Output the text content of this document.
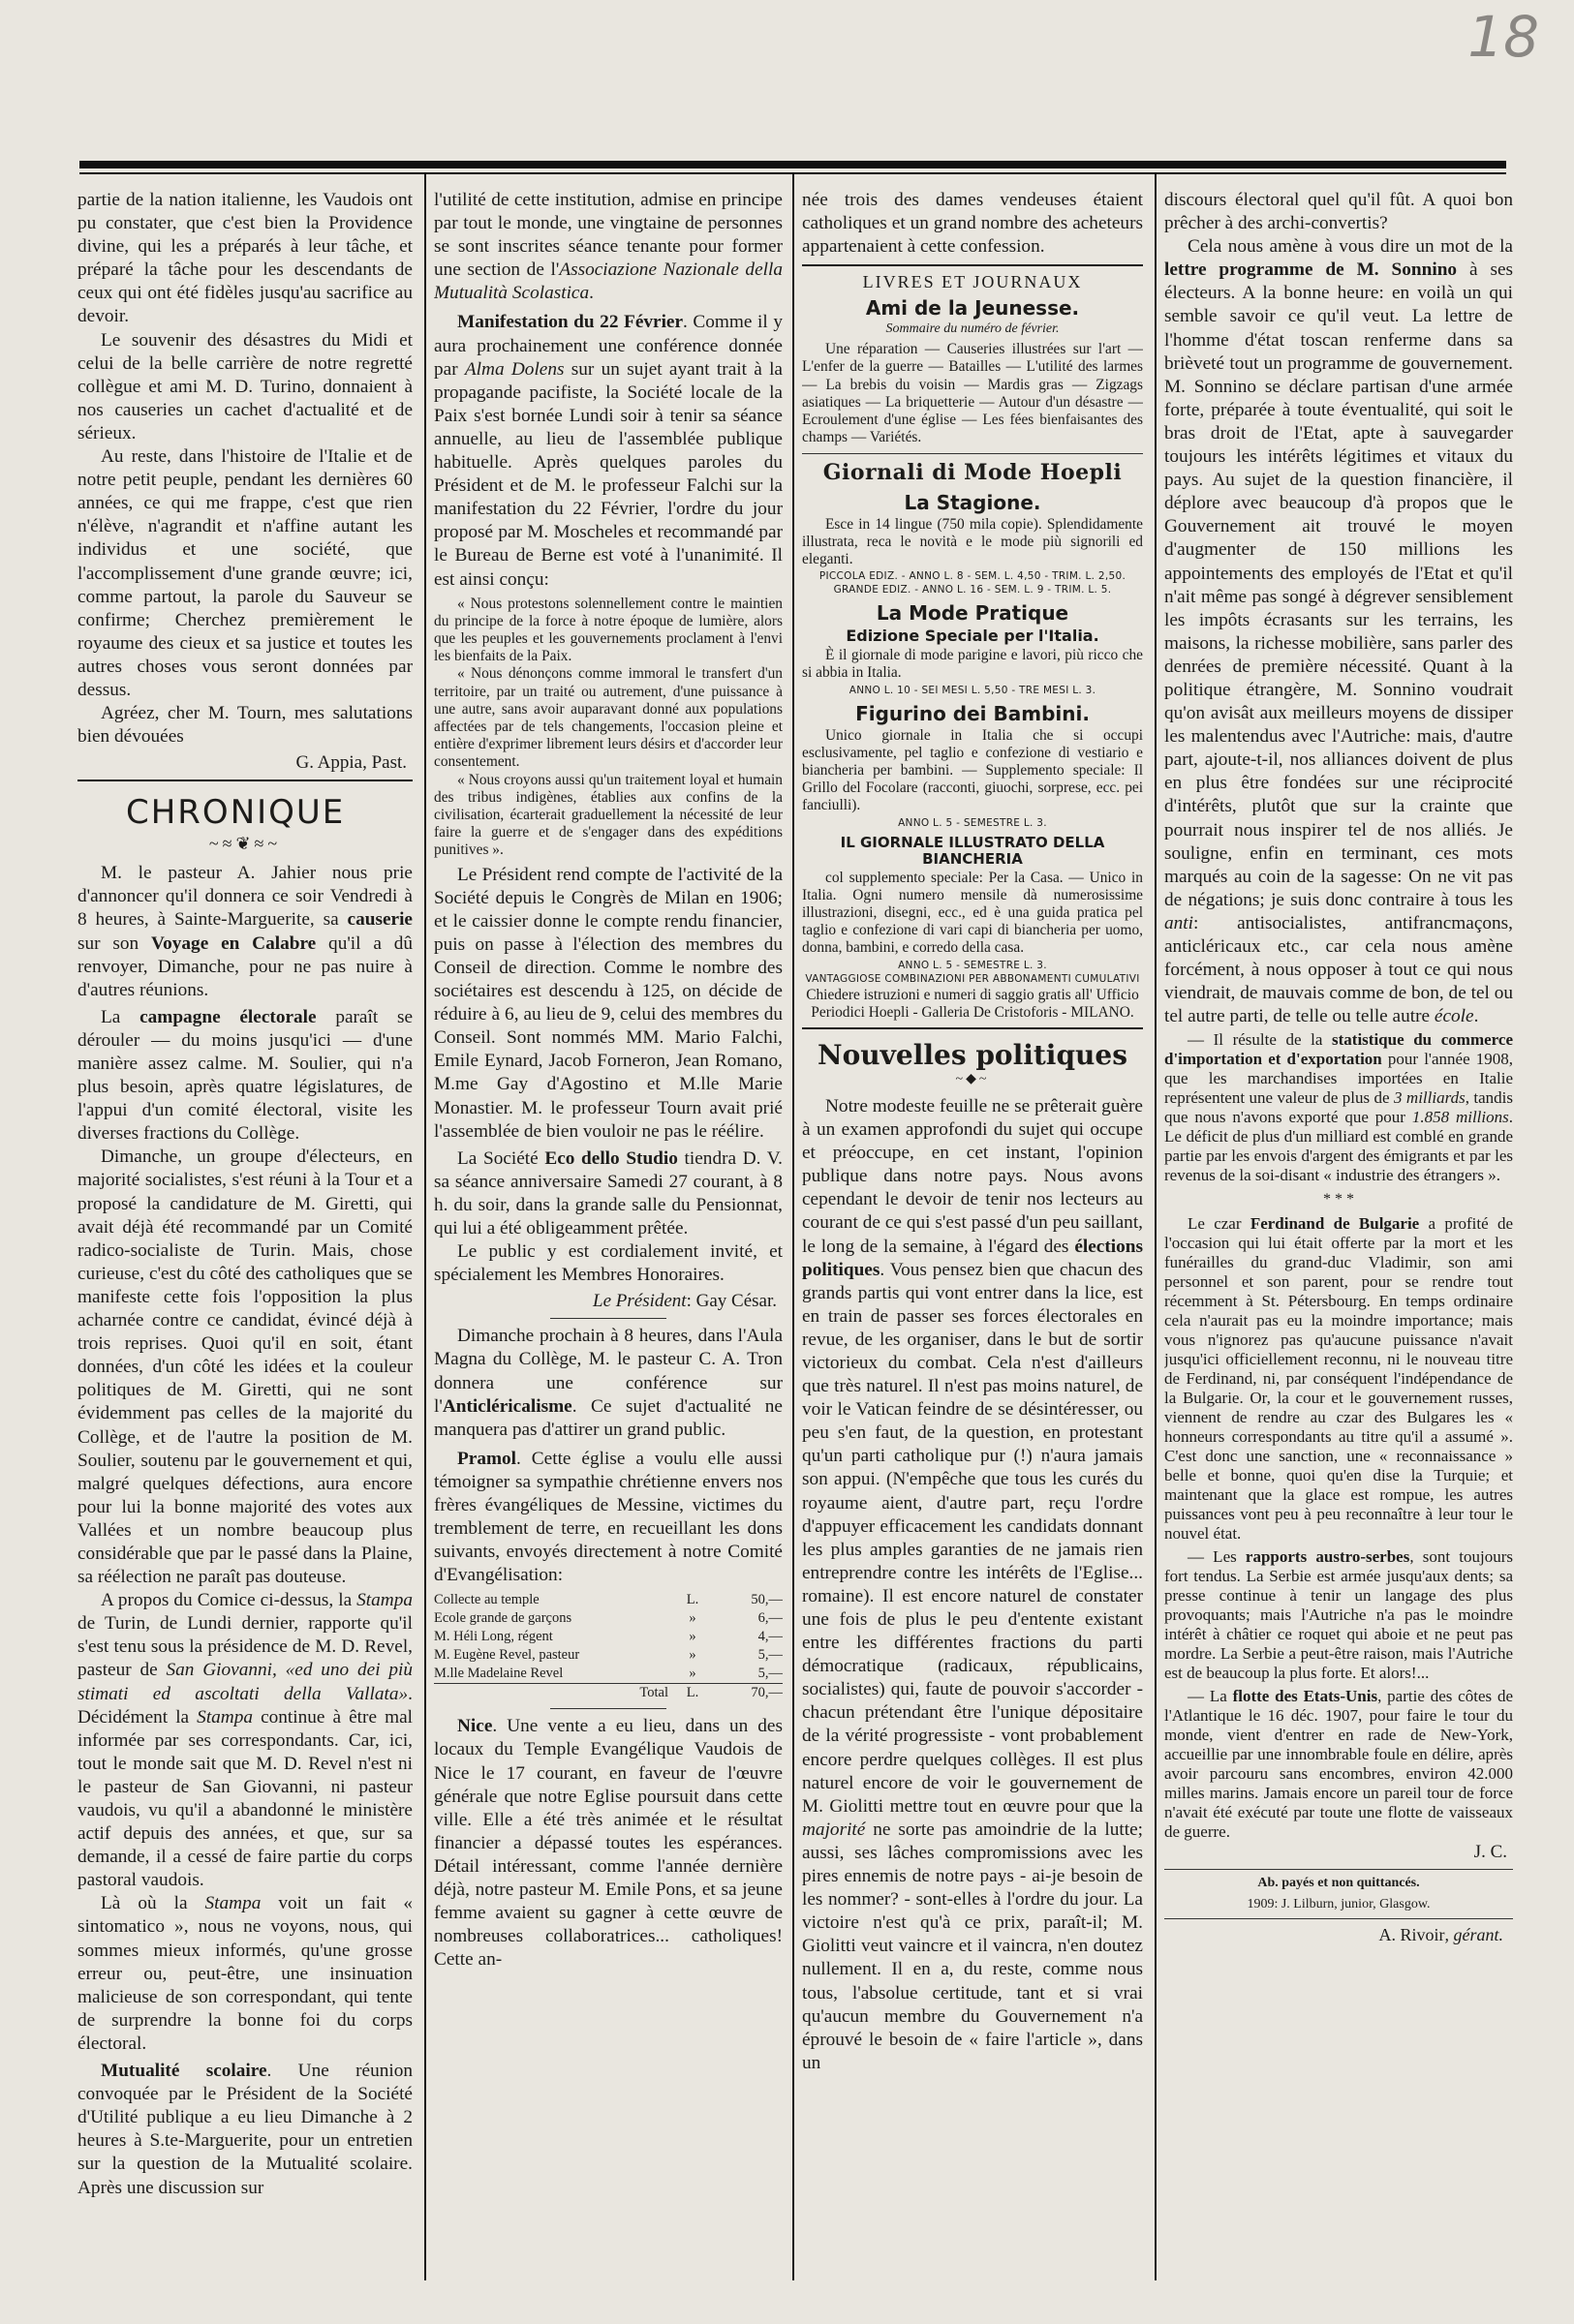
18

partie de la nation italienne, les Vaudois ont pu constater, que c'est bien la Providence divine, qui les a préparés à leur tâche, et préparé la tâche pour les descendants de ceux qui ont été fidèles jusqu'au sacrifice au devoir.

Le souvenir des désastres du Midi et celui de la belle carrière de notre regretté collègue et ami M. D. Turino, donnaient à nos causeries un cachet d'actualité et de sérieux.

Au reste, dans l'histoire de l'Italie et de notre petit peuple, pendant les dernières 60 années, ce qui me frappe, c'est que rien n'élève, n'agrandit et n'affine autant les individus et une société, que l'accomplissement d'une grande œuvre; ici, comme partout, la parole du Sauveur se confirme; Cherchez premièrement le royaume des cieux et sa justice et toutes les autres choses vous seront données par dessus.

Agréez, cher M. Tourn, mes salutations bien dévouées

G. Appia, Past.
CHRONIQUE
~≈❦≈~

M. le pasteur A. Jahier nous prie d'annoncer qu'il donnera ce soir Vendredi à 8 heures, à Sainte-Marguerite, sa causerie sur son Voyage en Calabre qu'il a dû renvoyer, Dimanche, pour ne pas nuire à d'autres réunions.

La campagne électorale paraît se dérouler — du moins jusqu'ici — d'une manière assez calme. M. Soulier, qui n'a plus besoin, après quatre législatures, de l'appui d'un comité électoral, visite les diverses fractions du Collège.

Dimanche, un groupe d'électeurs, en majorité socialistes, s'est réuni à la Tour et a proposé la candidature de M. Giretti, qui avait déjà été recommandé par un Comité radico-socialiste de Turin. Mais, chose curieuse, c'est du côté des catholiques que se manifeste cette fois l'opposition la plus acharnée contre ce candidat, évincé déjà à trois reprises. Quoi qu'il en soit, étant données, d'un côté les idées et la couleur politiques de M. Giretti, qui ne sont évidemment pas celles de la majorité du Collège, et de l'autre la position de M. Soulier, soutenu par le gouvernement et qui, malgré quelques défections, aura encore pour lui la bonne majorité des votes aux Vallées et un nombre beaucoup plus considérable que par le passé dans la Plaine, sa réélection ne paraît pas douteuse.

A propos du Comice ci-dessus, la Stampa de Turin, de Lundi dernier, rapporte qu'il s'est tenu sous la présidence de M. D. Revel, pasteur de San Giovanni, «ed uno dei più stimati ed ascoltati della Vallata». Décidément la Stampa continue à être mal informée par ses correspondants. Car, ici, tout le monde sait que M. D. Revel n'est ni le pasteur de San Giovanni, ni pasteur vaudois, vu qu'il a abandonné le ministère actif depuis des années, et que, sur sa demande, il a cessé de faire partie du corps pastoral vaudois.

Là où la Stampa voit un fait « sintomatico », nous ne voyons, nous, qui sommes mieux informés, qu'une grosse erreur ou, peut-être, une insinuation malicieuse de son correspondant, qui tente de surprendre la bonne foi du corps électoral.

Mutualité scolaire. Une réunion convoquée par le Président de la Société d'Utilité publique a eu lieu Dimanche à 2 heures à S.te-Marguerite, pour un entretien sur la question de la Mutualité scolaire. Après une discussion sur

l'utilité de cette institution, admise en principe par tout le monde, une vingtaine de personnes se sont inscrites séance tenante pour former une section de l'Associazione Nazionale della Mutualità Scolastica.

Manifestation du 22 Février. Comme il y aura prochainement une conférence donnée par Alma Dolens sur un sujet ayant trait à la propagande pacifiste, la Société locale de la Paix s'est bornée Lundi soir à tenir sa séance annuelle, au lieu de l'assemblée publique habituelle. Après quelques paroles du Président et de M. le professeur Falchi sur la manifestation du 22 Février, l'ordre du jour proposé par M. Moscheles et recommandé par le Bureau de Berne est voté à l'unanimité. Il est ainsi conçu:

« Nous protestons solennellement contre le maintien du principe de la force à notre époque de lumière, alors que les peuples et les gouvernements proclament à l'envi les bienfaits de la Paix.

« Nous dénonçons comme immoral le transfert d'un territoire, par un traité ou autrement, d'une puissance à une autre, sans avoir auparavant donné aux populations affectées par de tels changements, l'occasion pleine et entière d'exprimer librement leurs désirs et d'accorder leur consentement.

« Nous croyons aussi qu'un traitement loyal et humain des tribus indigènes, établies aux confins de la civilisation, écarterait graduellement la nécessité de leur faire la guerre et de s'engager dans des expéditions punitives ».

Le Président rend compte de l'activité de la Société depuis le Congrès de Milan en 1906; et le caissier donne le compte rendu financier, puis on passe à l'élection des membres du Conseil de direction. Comme le nombre des sociétaires est descendu à 125, on décide de réduire à 6, au lieu de 9, celui des membres du Conseil. Sont nommés MM. Mario Falchi, Emile Eynard, Jacob Forneron, Jean Romano, M.me Gay d'Agostino et M.lle Marie Monastier. M. le professeur Tourn avait prié l'assemblée de bien vouloir ne pas le réélire.

La Société Eco dello Studio tiendra D. V. sa séance anniversaire Samedi 27 courant, à 8 h. du soir, dans la grande salle du Pensionnat, qui lui a été obligeamment prêtée.

Le public y est cordialement invité, et spécialement les Membres Honoraires.

Le Président: Gay César.

Dimanche prochain à 8 heures, dans l'Aula Magna du Collège, M. le pasteur C. A. Tron donnera une conférence sur l'Anticléricalisme. Ce sujet d'actualité ne manquera pas d'attirer un grand public.

Pramol. Cette église a voulu elle aussi témoigner sa sympathie chrétienne envers nos frères évangéliques de Messine, victimes du tremblement de terre, en recueillant les dons suivants, envoyés directement à notre Comité d'Evangélisation:

Collecte au temple	L.	50,—
Ecole grande de garçons	»	6,—
M. Héli Long, régent	»	4,—
M. Eugène Revel, pasteur	»	5,—
M.lle Madelaine Revel	»	5,—
Total	L.	70,—

Nice. Une vente a eu lieu, dans un des locaux du Temple Evangélique Vaudois de Nice le 17 courant, en faveur de l'œuvre générale que notre Eglise poursuit dans cette ville. Elle a été très animée et le résultat financier a dépassé toutes les espérances. Détail intéressant, comme l'année dernière déjà, notre pasteur M. Emile Pons, et sa jeune femme avaient su gagner à cette œuvre de nombreuses collaboratrices... catholiques! Cette an-

née trois des dames vendeuses étaient catholiques et un grand nombre des acheteurs appartenaient à cette confession.

LIVRES ET JOURNAUX
Ami de la Jeunesse.
Sommaire du numéro de février.

Une réparation — Causeries illustrées sur l'art — L'enfer de la guerre — Batailles — L'utilité des larmes — La brebis du voisin — Mardis gras — Zigzags asiatiques — La briquetterie — Autour d'un désastre — Ecroulement d'une église — Les fées bienfaisantes des champs — Variétés.

Giornali di Mode Hoepli
La Stagione.

Esce in 14 lingue (750 mila copie). Splendidamente illustrata, reca le novità e le mode più signorili ed eleganti.

PICCOLA EDIZ. - ANNO L. 8 - SEM. L. 4,50 - TRIM. L. 2,50.
GRANDE EDIZ. - ANNO L. 16 - SEM. L. 9 - TRIM. L. 5.
La Mode Pratique
Edizione Speciale per l'Italia.

È il giornale di mode parigine e lavori, più ricco che si abbia in Italia.

ANNO L. 10 - SEI MESI L. 5,50 - TRE MESI L. 3.
Figurino dei Bambini.

Unico giornale in Italia che si occupi esclusivamente, pel taglio e confezione di vestiario e biancheria per bambini. — Supplemento speciale: Il Grillo del Focolare (racconti, giuochi, sorprese, ecc. pei fanciulli).

ANNO L. 5 - SEMESTRE L. 3.
IL GIORNALE ILLUSTRATO DELLA BIANCHERIA

col supplemento speciale: Per la Casa. — Unico in Italia. Ogni numero mensile dà numerosissime illustrazioni, disegni, ecc., ed è una guida pratica pel taglio e confezione di vari capi di biancheria per uomo, donna, bambini, e corredo della casa.

ANNO L. 5 - SEMESTRE L. 3.
VANTAGGIOSE COMBINAZIONI PER ABBONAMENTI CUMULATIVI

Chiedere istruzioni e numeri di saggio gratis all' Ufficio Periodici Hoepli - Galleria De Cristoforis - MILANO.

Nouvelles politiques
~◆~

Notre modeste feuille ne se prêterait guère à un examen approfondi du sujet qui occupe et préoccupe, en cet instant, l'opinion publique dans notre pays. Nous avons cependant le devoir de tenir nos lecteurs au courant de ce qui s'est passé d'un peu saillant, le long de la semaine, à l'égard des élections politiques. Vous pensez bien que chacun des grands partis qui vont entrer dans la lice, est en train de passer ses forces électorales en revue, de les organiser, dans le but de sortir victorieux du combat. Cela n'est d'ailleurs que très naturel. Il n'est pas moins naturel, de voir le Vatican feindre de se désintéresser, ou peu s'en faut, de la question, en protestant qu'un parti catholique pur (!) n'aura jamais son appui. (N'empêche que tous les curés du royaume aient, d'autre part, reçu l'ordre d'appuyer efficacement les candidats donnant les plus amples garanties de ne jamais rien entreprendre contre les intérêts de l'Eglise... romaine). Il est encore naturel de constater une fois de plus le peu d'entente existant entre les différentes fractions du parti démocratique (radicaux, républicains, socialistes) qui, faute de pouvoir s'accorder - chacun prétendant être l'unique dépositaire de la vérité progressiste - vont probablement encore perdre quelques collèges. Il est plus naturel encore de voir le gouvernement de M. Giolitti mettre tout en œuvre pour que la majorité ne sorte pas amoindrie de la lutte; aussi, ses lâches compromissions avec les pires ennemis de notre pays - ai-je besoin de les nommer? - sont-elles à l'ordre du jour. La victoire n'est qu'à ce prix, paraît-il; M. Giolitti veut vaincre et il vaincra, n'en doutez nullement. Il en a, du reste, comme nous tous, l'absolue certitude, tant et si vrai qu'aucun membre du Gouvernement n'a éprouvé le besoin de « faire l'article », dans un

discours électoral quel qu'il fût. A quoi bon prêcher à des archi-convertis?

Cela nous amène à vous dire un mot de la lettre programme de M. Sonnino à ses électeurs. A la bonne heure: en voilà un qui semble savoir ce qu'il veut. La lettre de l'homme d'état toscan renferme dans sa brièveté tout un programme de gouvernement. M. Sonnino se déclare partisan d'une armée forte, préparée à toute éventualité, qui soit le bras droit de l'Etat, apte à sauvegarder toujours les intérêts légitimes et vitaux du pays. Au sujet de la question financière, il déplore avec beaucoup d'à propos que le Gouvernement ait trouvé le moyen d'augmenter de 150 millions les appointements des employés de l'Etat et qu'il n'ait même pas songé à dégrever sensiblement les impôts écrasants sur les terrains, les maisons, la richesse mobilière, sans parler des denrées de première nécessité. Quant à la politique étrangère, M. Sonnino voudrait qu'on avisât aux meilleurs moyens de dissiper les malentendus avec l'Autriche: mais, d'autre part, ajoute-t-il, nos alliances doivent de plus en plus être fondées sur une réciprocité d'intérêts, plutôt que sur la crainte que pourrait nous inspirer tel de nos alliés. Je souligne, enfin en terminant, ces mots marqués au coin de la sagesse: On ne vit pas de négations; je suis donc contraire à tous les anti: antisocialistes, antifrancmaçons, anticléricaux etc., car cela nous amène forcément, à nous opposer à tout ce qui nous viendrait, de mauvais comme de bon, de tel ou tel autre parti, de telle ou telle autre école.

— Il résulte de la statistique du commerce d'importation et d'exportation pour l'année 1908, que les marchandises importées en Italie représentent une valeur de plus de 3 milliards, tandis que nous n'avons exporté que pour 1.858 millions. Le déficit de plus d'un milliard est comblé en grande partie par les envois d'argent des émigrants et par les revenus de la soi-disant « industrie des étrangers ».

* * *

Le czar Ferdinand de Bulgarie a profité de l'occasion qui lui était offerte par la mort et les funérailles du grand-duc Vladimir, son ami personnel et son parent, pour se rendre tout récemment à St. Pétersbourg. En temps ordinaire cela n'aurait pas eu la moindre importance; mais vous n'ignorez pas qu'aucune puissance n'avait jusqu'ici officiellement reconnu, ni le nouveau titre de Ferdinand, ni, par conséquent l'indépendance de la Bulgarie. Or, la cour et le gouvernement russes, viennent de rendre au czar des Bulgares les « honneurs correspondants au titre qu'il a assumé ». C'est donc une sanction, une « reconnaissance » belle et bonne, quoi qu'en dise la Turquie; et maintenant que la glace est rompue, les autres puissances vont peu à peu reconnaître à leur tour le nouvel état.

— Les rapports austro-serbes, sont toujours fort tendus. La Serbie est armée jusqu'aux dents; sa presse continue à tenir un langage des plus provoquants; mais l'Autriche n'a pas le moindre intérêt à châtier ce roquet qui aboie et ne peut pas mordre. La Serbie a peut-être raison, mais l'Autriche est de beaucoup la plus forte. Et alors!...

— La flotte des Etats-Unis, partie des côtes de l'Atlantique le 16 déc. 1907, pour faire le tour du monde, vient d'entrer en rade de New-York, accueillie par une innombrable foule en délire, après avoir parcouru sans encombres, environ 42.000 milles marins. Jamais encore un pareil tour de force n'avait été exécuté par toute une flotte de vaisseaux de guerre.

J. C.
Ab. payés et non quittancés.
1909: J. Lilburn, junior, Glasgow.
A. Rivoir, gérant.
